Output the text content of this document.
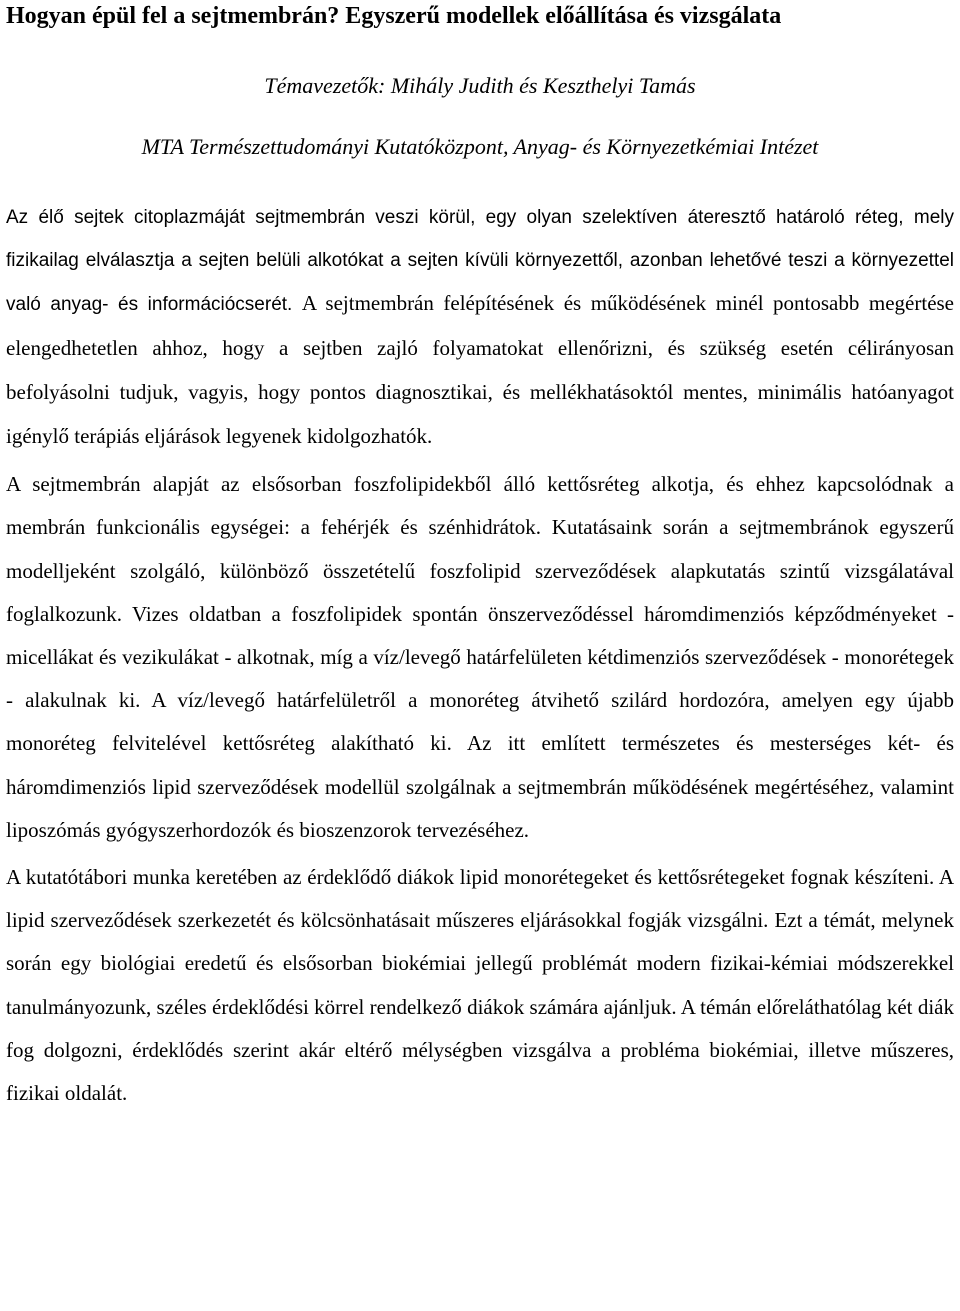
Hogyan épül fel a sejtmembrán? Egyszerű modellek előállítása és vizsgálata
Témavezetők: Mihály Judith és Keszthelyi Tamás
MTA Természettudományi Kutatóközpont, Anyag- és Környezetkémiai Intézet

Az élő sejtek citoplazmáját sejtmembrán veszi körül, egy olyan szelektíven áteresztő határoló réteg, mely fizikailag elválasztja a sejten belüli alkotókat a sejten kívüli környezettől, azonban lehetővé teszi a környezettel való anyag- és információcserét. A sejtmembrán felépítésének és működésének minél pontosabb megértése elengedhetetlen ahhoz, hogy a sejtben zajló folyamatokat ellenőrizni, és szükség esetén célirányosan befolyásolni tudjuk, vagyis, hogy pontos diagnosztikai, és mellékhatásoktól mentes, minimális hatóanyagot igénylő terápiás eljárások legyenek kidolgozhatók.

A sejtmembrán alapját az elsősorban foszfolipidekből álló kettősréteg alkotja, és ehhez kapcsolódnak a membrán funkcionális egységei: a fehérjék és szénhidrátok. Kutatásaink során a sejtmembránok egyszerű modelljeként szolgáló, különböző összetételű foszfolipid szerveződések alapkutatás szintű vizsgálatával foglalkozunk. Vizes oldatban a foszfolipidek spontán önszerveződéssel háromdimenziós képződményeket - micellákat és vezikulákat - alkotnak, míg a víz/levegő határfelületen kétdimenziós szerveződések - monorétegek - alakulnak ki. A víz/levegő határfelületről a monoréteg átvihető szilárd hordozóra, amelyen egy újabb monoréteg felvitelével kettősréteg alakítható ki. Az itt említett természetes és mesterséges két- és háromdimenziós lipid szerveződések modellül szolgálnak a sejtmembrán működésének megértéséhez, valamint liposzómás gyógyszerhordozók és bioszenzorok tervezéséhez.

A kutatótábori munka keretében az érdeklődő diákok lipid monorétegeket és kettősrétegeket fognak készíteni. A lipid szerveződések szerkezetét és kölcsönhatásait műszeres eljárásokkal fogják vizsgálni. Ezt a témát, melynek során egy biológiai eredetű és elsősorban biokémiai jellegű problémát modern fizikai-kémiai módszerekkel tanulmányozunk, széles érdeklődési körrel rendelkező diákok számára ajánljuk. A témán előreláthatólag két diák fog dolgozni, érdeklődés szerint akár eltérő mélységben vizsgálva a probléma biokémiai, illetve műszeres, fizikai oldalát.
